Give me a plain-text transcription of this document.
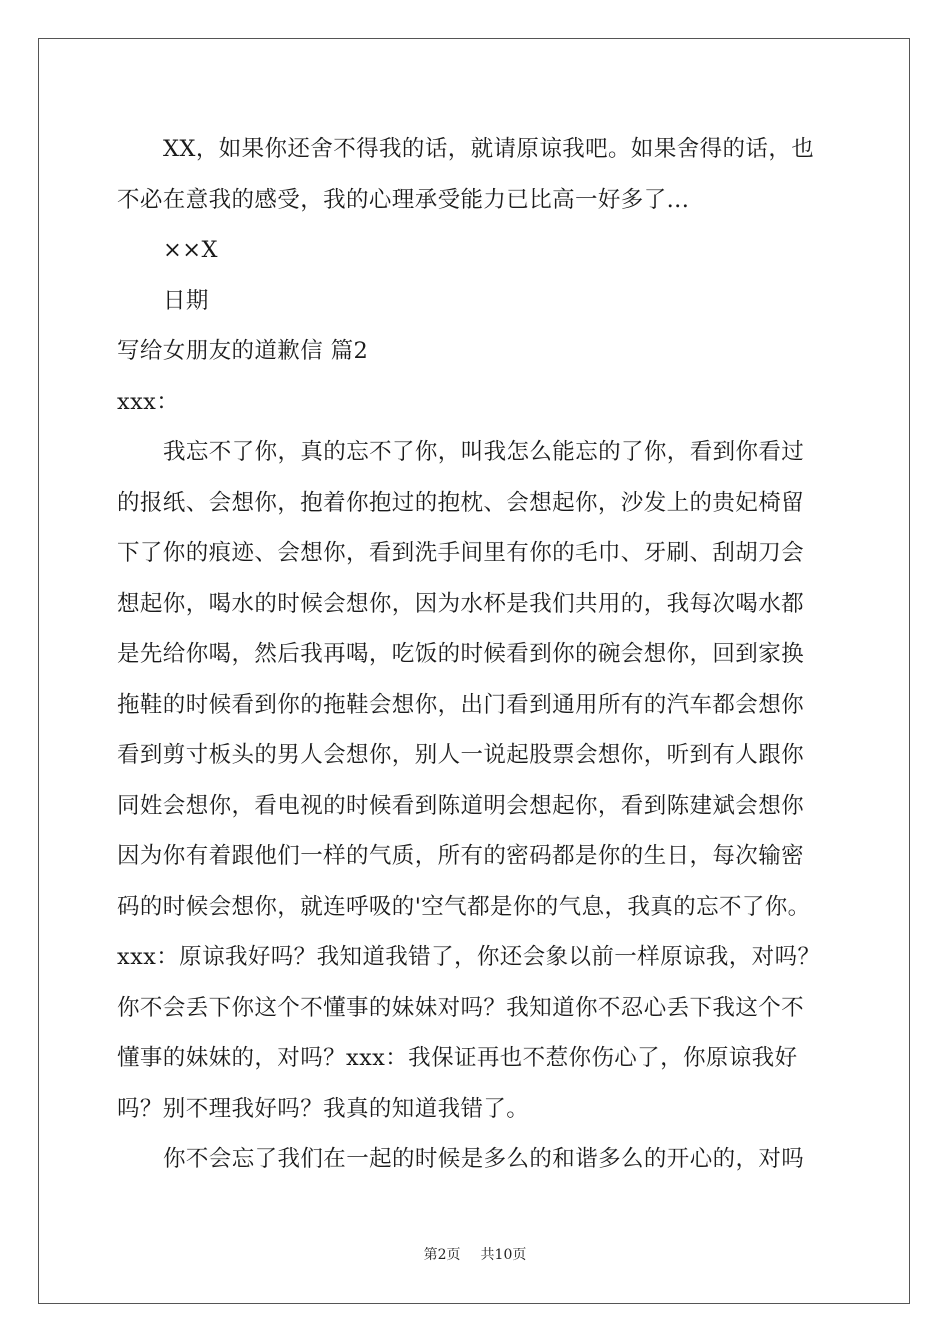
XX，如果你还舍不得我的话，就请原谅我吧。如果舍得的话，也
不必在意我的感受，我的心理承受能力已比高一好多了...
××X
日期
写给女朋友的道歉信 篇2
xxx：
我忘不了你，真的忘不了你，叫我怎么能忘的了你，看到你看过
的报纸、会想你，抱着你抱过的抱枕、会想起你，沙发上的贵妃椅留
下了你的痕迹、会想你，看到洗手间里有你的毛巾、牙刷、刮胡刀会
想起你，喝水的时候会想你，因为水杯是我们共用的，我每次喝水都
是先给你喝，然后我再喝，吃饭的时候看到你的碗会想你，回到家换
拖鞋的时候看到你的拖鞋会想你，出门看到通用所有的汽车都会想你
看到剪寸板头的男人会想你，别人一说起股票会想你，听到有人跟你
同姓会想你，看电视的时候看到陈道明会想起你，看到陈建斌会想你
因为你有着跟他们一样的气质，所有的密码都是你的生日，每次输密
码的时候会想你，就连呼吸的'空气都是你的气息，我真的忘不了你。
xxx：原谅我好吗？我知道我错了，你还会象以前一样原谅我，对吗？
你不会丢下你这个不懂事的妹妹对吗？我知道你不忍心丢下我这个不
懂事的妹妹的，对吗？xxx：我保证再也不惹你伤心了，你原谅我好
吗？别不理我好吗？我真的知道我错了。
你不会忘了我们在一起的时候是多么的和谐多么的开心的，对吗
第2页 共10页
